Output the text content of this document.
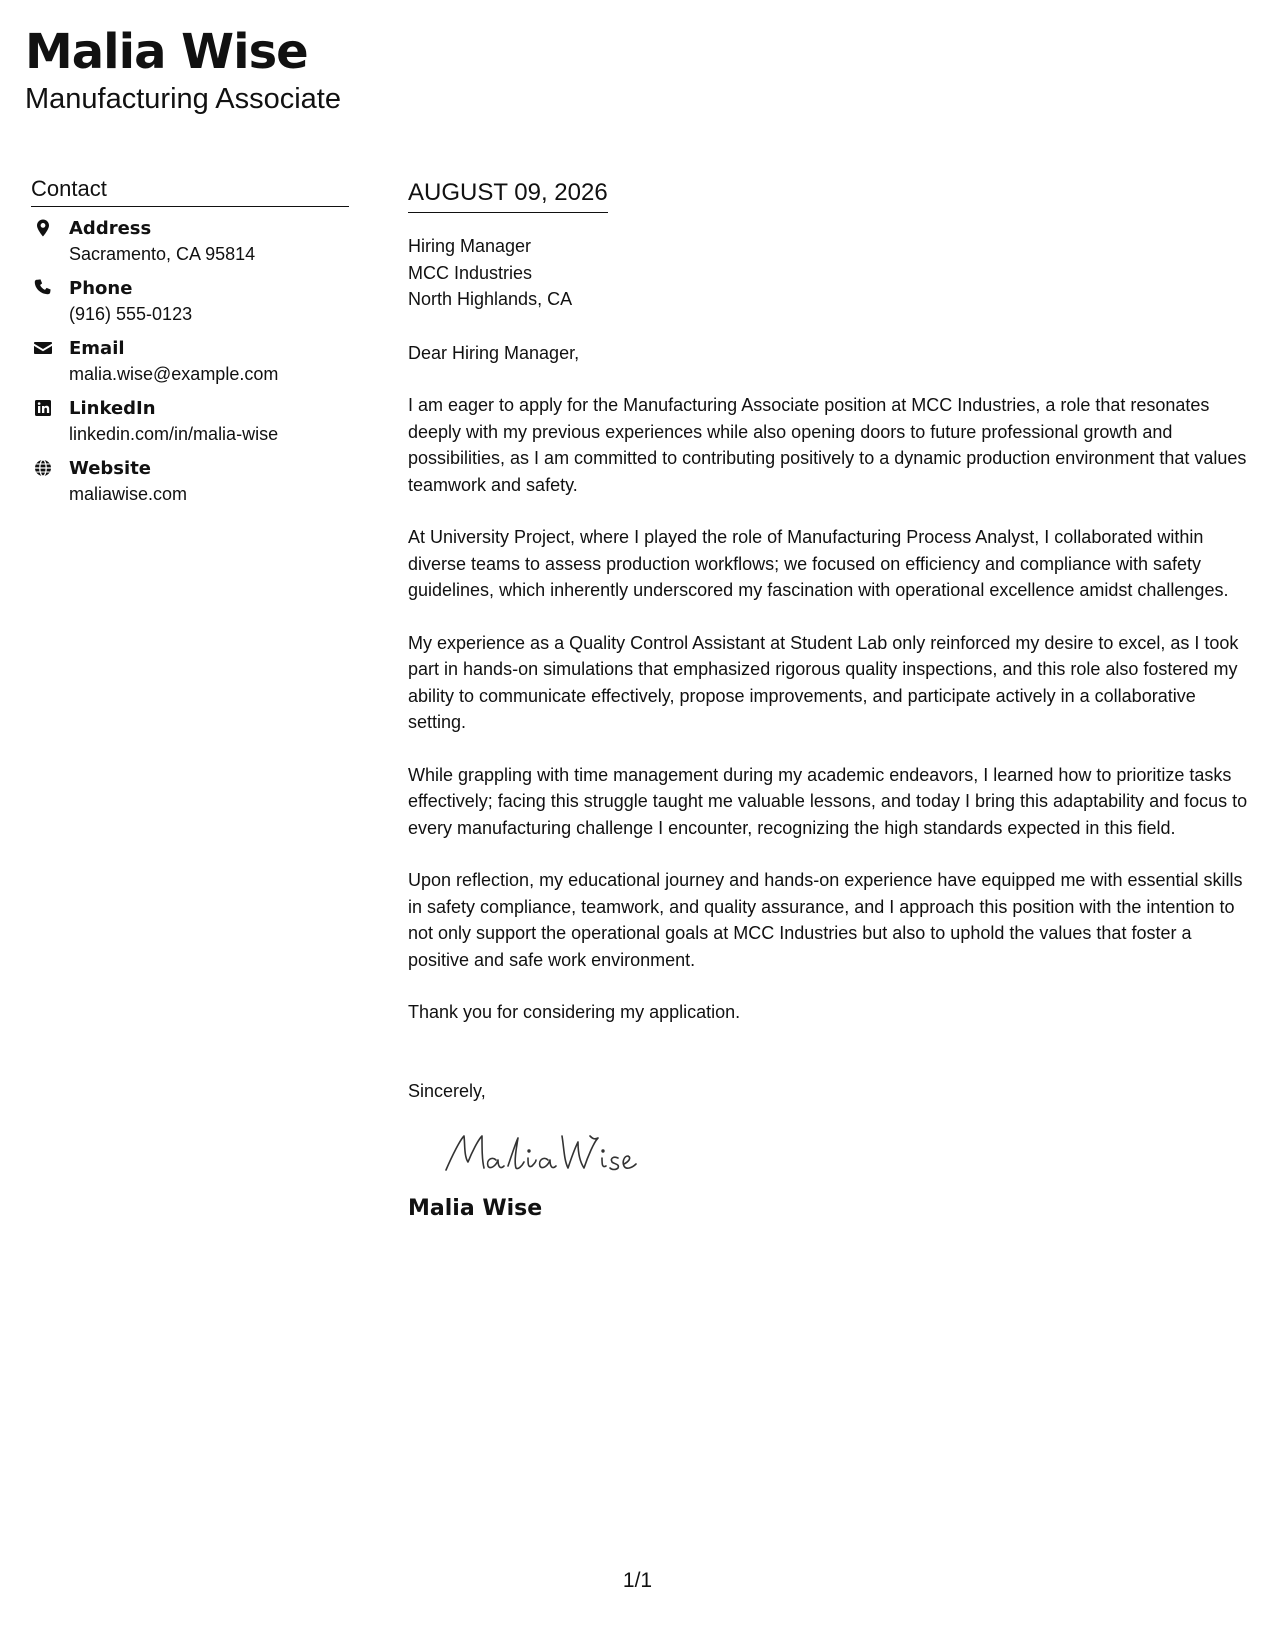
Malia Wise
Manufacturing Associate
Contact
Address
Sacramento, CA 95814
Phone
(916) 555-0123
Email
malia.wise@example.com
LinkedIn
linkedin.com/in/malia-wise
Website
maliawise.com
AUGUST 09, 2026
Hiring Manager
MCC Industries
North Highlands, CA
Dear Hiring Manager,
I am eager to apply for the Manufacturing Associate position at MCC Industries, a role that resonates deeply with my previous experiences while also opening doors to future professional growth and possibilities, as I am committed to contributing positively to a dynamic production environment that values teamwork and safety.
At University Project, where I played the role of Manufacturing Process Analyst, I collaborated within diverse teams to assess production workflows; we focused on efficiency and compliance with safety guidelines, which inherently underscored my fascination with operational excellence amidst challenges.
My experience as a Quality Control Assistant at Student Lab only reinforced my desire to excel, as I took part in hands-on simulations that emphasized rigorous quality inspections, and this role also fostered my ability to communicate effectively, propose improvements, and participate actively in a collaborative setting.
While grappling with time management during my academic endeavors, I learned how to prioritize tasks effectively; facing this struggle taught me valuable lessons, and today I bring this adaptability and focus to every manufacturing challenge I encounter, recognizing the high standards expected in this field.
Upon reflection, my educational journey and hands-on experience have equipped me with essential skills in safety compliance, teamwork, and quality assurance, and I approach this position with the intention to not only support the operational goals at MCC Industries but also to uphold the values that foster a positive and safe work environment.
Thank you for considering my application.
Sincerely,
Malia Wise
1/1
